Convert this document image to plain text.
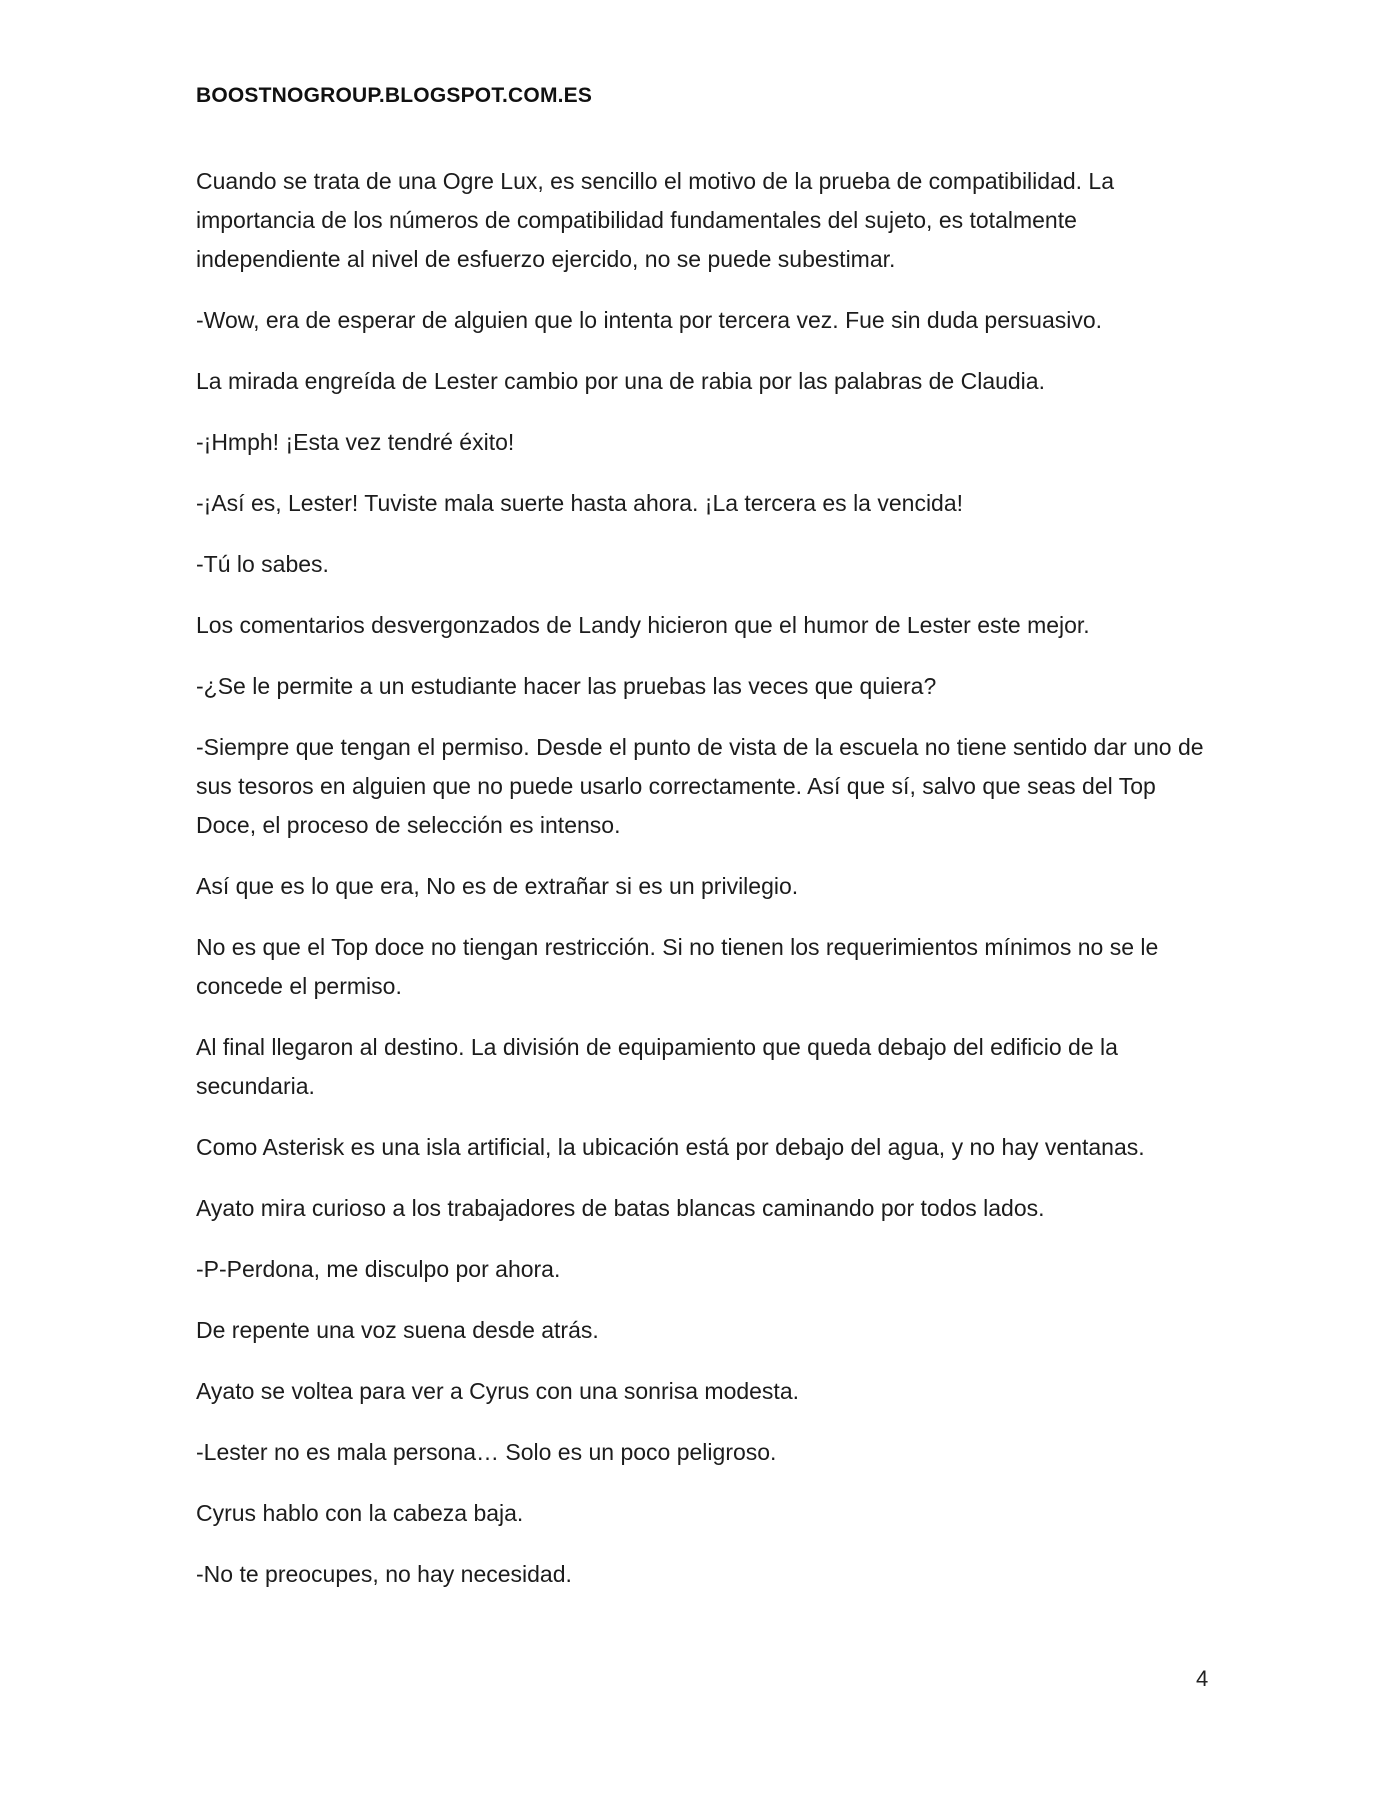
BOOSTNOGROUP.BLOGSPOT.COM.ES

Cuando se trata de una Ogre Lux, es sencillo el motivo de la prueba de compatibilidad. La importancia de los números de compatibilidad fundamentales del sujeto, es totalmente independiente al nivel de esfuerzo ejercido, no se puede subestimar.

-Wow, era de esperar de alguien que lo intenta por tercera vez. Fue sin duda persuasivo.

La mirada engreída de Lester cambio por una de rabia por las palabras de Claudia.

-¡Hmph! ¡Esta vez tendré éxito!

-¡Así es, Lester! Tuviste mala suerte hasta ahora. ¡La tercera es la vencida!

-Tú lo sabes.

Los comentarios desvergonzados de Landy hicieron que el humor de Lester este mejor.

-¿Se le permite a un estudiante hacer las pruebas las veces que quiera?

-Siempre que tengan el permiso. Desde el punto de vista de la escuela no tiene sentido dar uno de sus tesoros en alguien que no puede usarlo correctamente. Así que sí, salvo que seas del Top Doce, el proceso de selección es intenso.

Así que es lo que era, No es de extrañar si es un privilegio.

No es que el Top doce no tiengan restricción. Si no tienen los requerimientos mínimos no se le concede el permiso.

Al final llegaron al destino. La división de equipamiento que queda debajo del edificio de la secundaria.

Como Asterisk es una isla artificial, la ubicación está por debajo del agua, y no hay ventanas.

Ayato mira curioso a los trabajadores de batas blancas caminando por todos lados.

-P-Perdona, me disculpo por ahora.

De repente una voz suena desde atrás.

Ayato se voltea para ver a Cyrus con una sonrisa modesta.

-Lester no es mala persona… Solo es un poco peligroso.

Cyrus hablo con la cabeza baja.

-No te preocupes, no hay necesidad.

4
